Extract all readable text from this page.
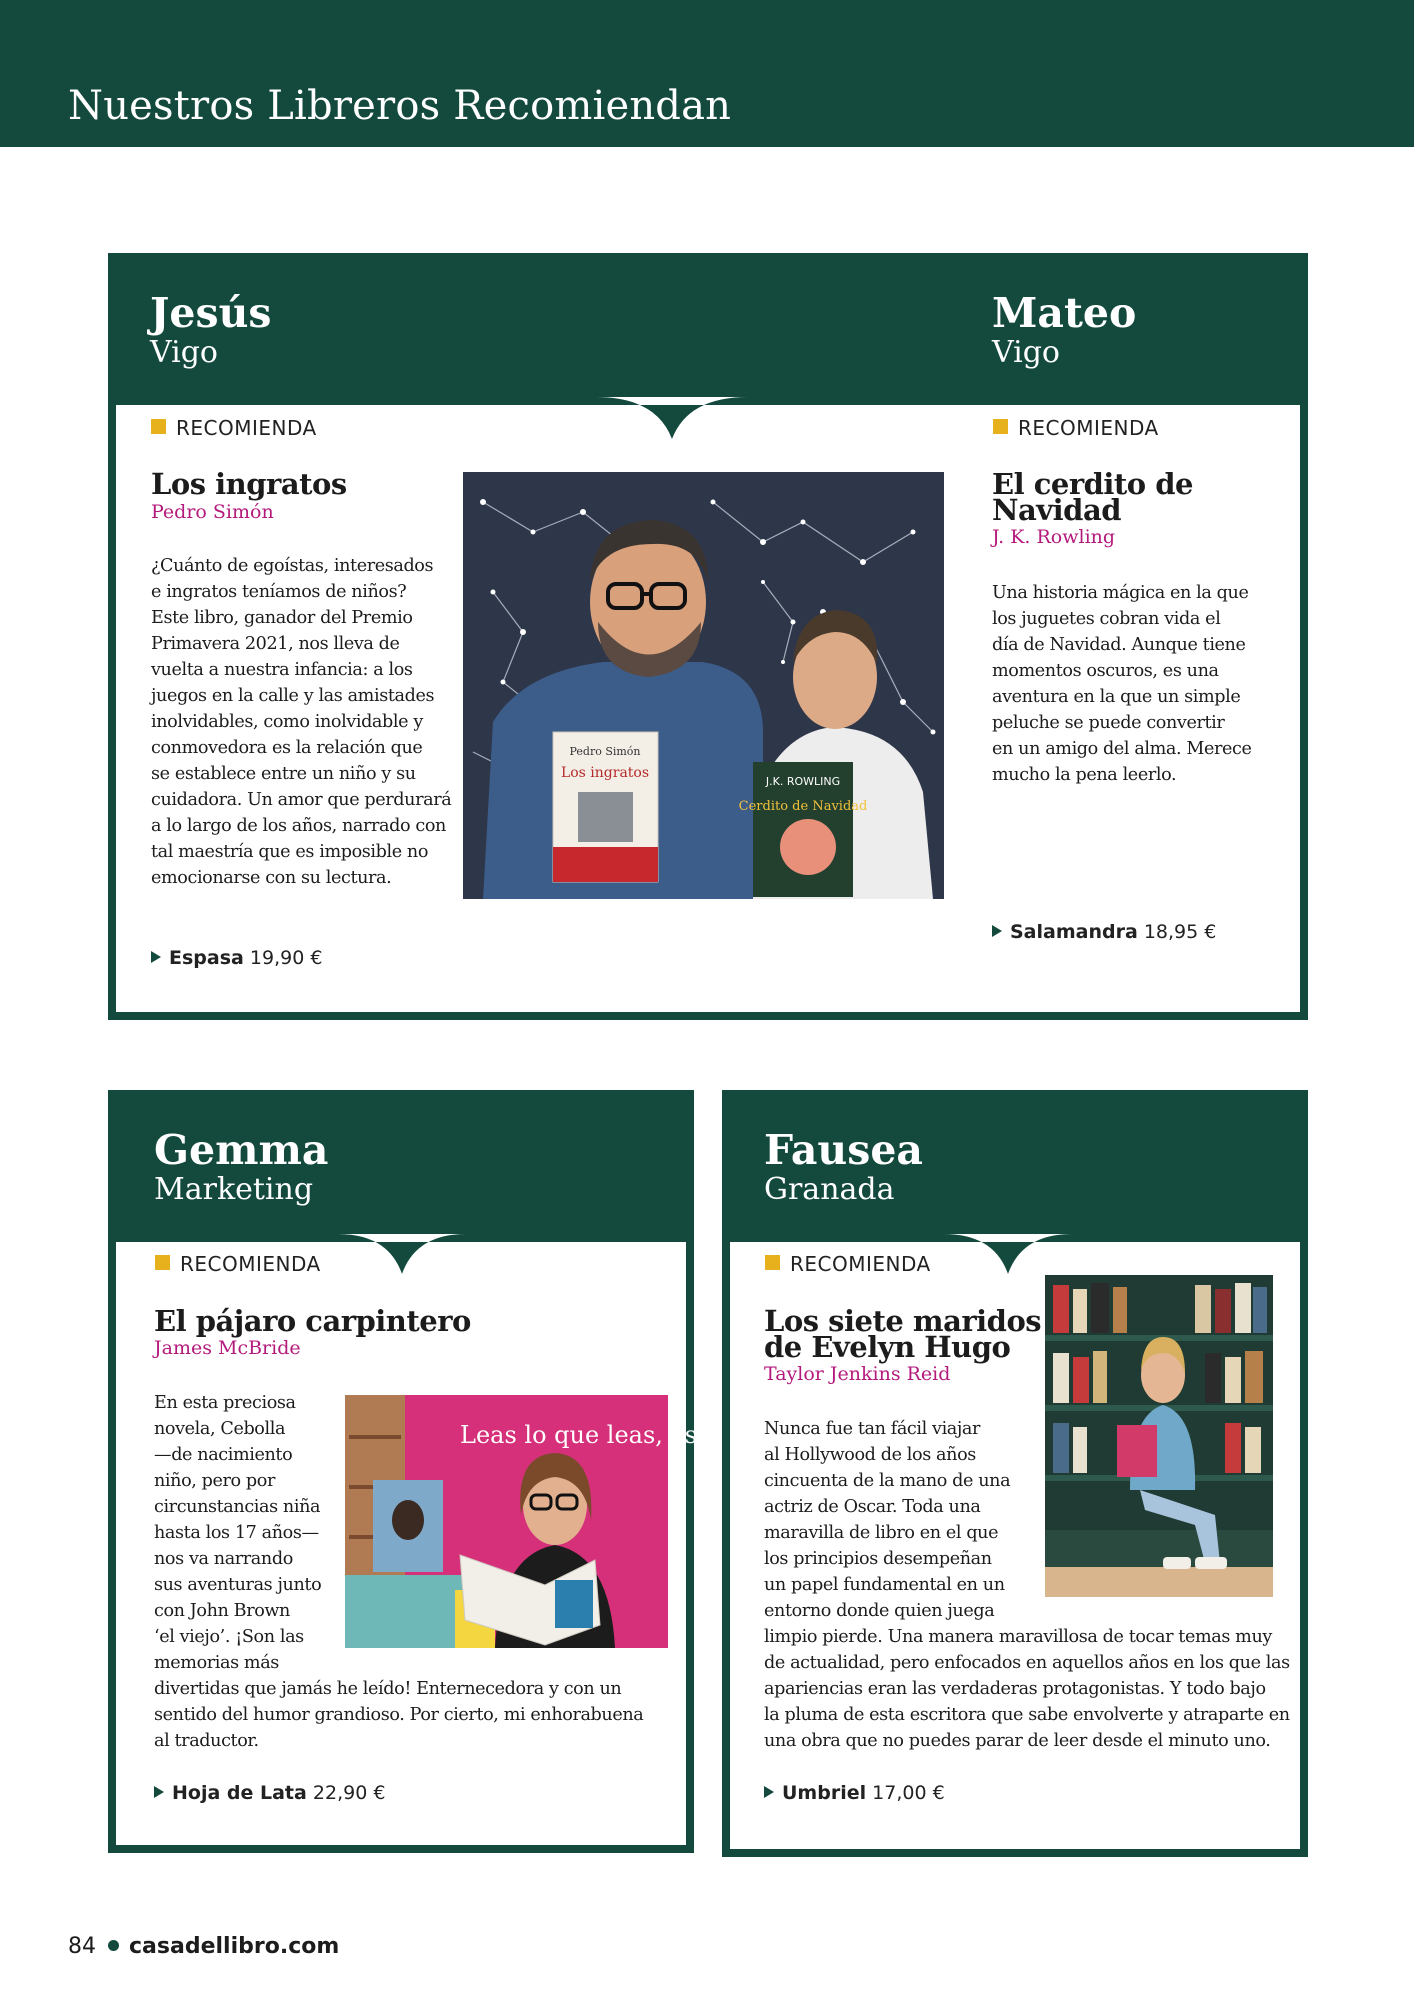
Nuestros Libreros Recomiendan
Jesús
Vigo
Mateo
Vigo
RECOMIENDA
Los ingratos
Pedro Simón
¿Cuánto de egoístas, interesados
e ingratos teníamos de niños?
Este libro, ganador del Premio
Primavera 2021, nos lleva de
vuelta a nuestra infancia: a los
juegos en la calle y las amistades
inolvidables, como inolvidable y
conmovedora es la relación que
se establece entre un niño y su
cuidadora. Un amor que perdurará
a lo largo de los años, narrado con
tal maestría que es imposible no
emocionarse con su lectura.
Espasa 19,90 €
Pedro Simón
Los ingratos
J.K. ROWLING
Cerdito de Navidad
RECOMIENDA
El cerdito de
Navidad
J. K. Rowling
Una historia mágica en la que
los juguetes cobran vida el
día de Navidad. Aunque tiene
momentos oscuros, es una
aventura en la que un simple
peluche se puede convertir
en un amigo del alma. Merece
mucho la pena leerlo.
Salamandra 18,95 €
Gemma
Marketing
RECOMIENDA
El pájaro carpintero
James McBride
En esta preciosa
novela, Cebolla
—de nacimiento
niño, pero por
circunstancias niña
hasta los 17 años—
nos va narrando
sus aventuras junto
con John Brown
‘el viejo’. ¡Son las
memorias más
divertidas que jamás he leído! Enternecedora y con un
sentido del humor grandioso. Por cierto, mi enhorabuena
al traductor.
Hoja de Lata 22,90 €
Leas lo que leas, es
Fausea
Granada
RECOMIENDA
Los siete maridos
de Evelyn Hugo
Taylor Jenkins Reid
Nunca fue tan fácil viajar
al Hollywood de los años
cincuenta de la mano de una
actriz de Oscar. Toda una
maravilla de libro en el que
los principios desempeñan
un papel fundamental en un
entorno donde quien juega
limpio pierde. Una manera maravillosa de tocar temas muy
de actualidad, pero enfocados en aquellos años en los que las
apariencias eran las verdaderas protagonistas. Y todo bajo
la pluma de esta escritora que sabe envolverte y atraparte en
una obra que no puedes parar de leer desde el minuto uno.
Umbriel 17,00 €
84 casadellibro.com
